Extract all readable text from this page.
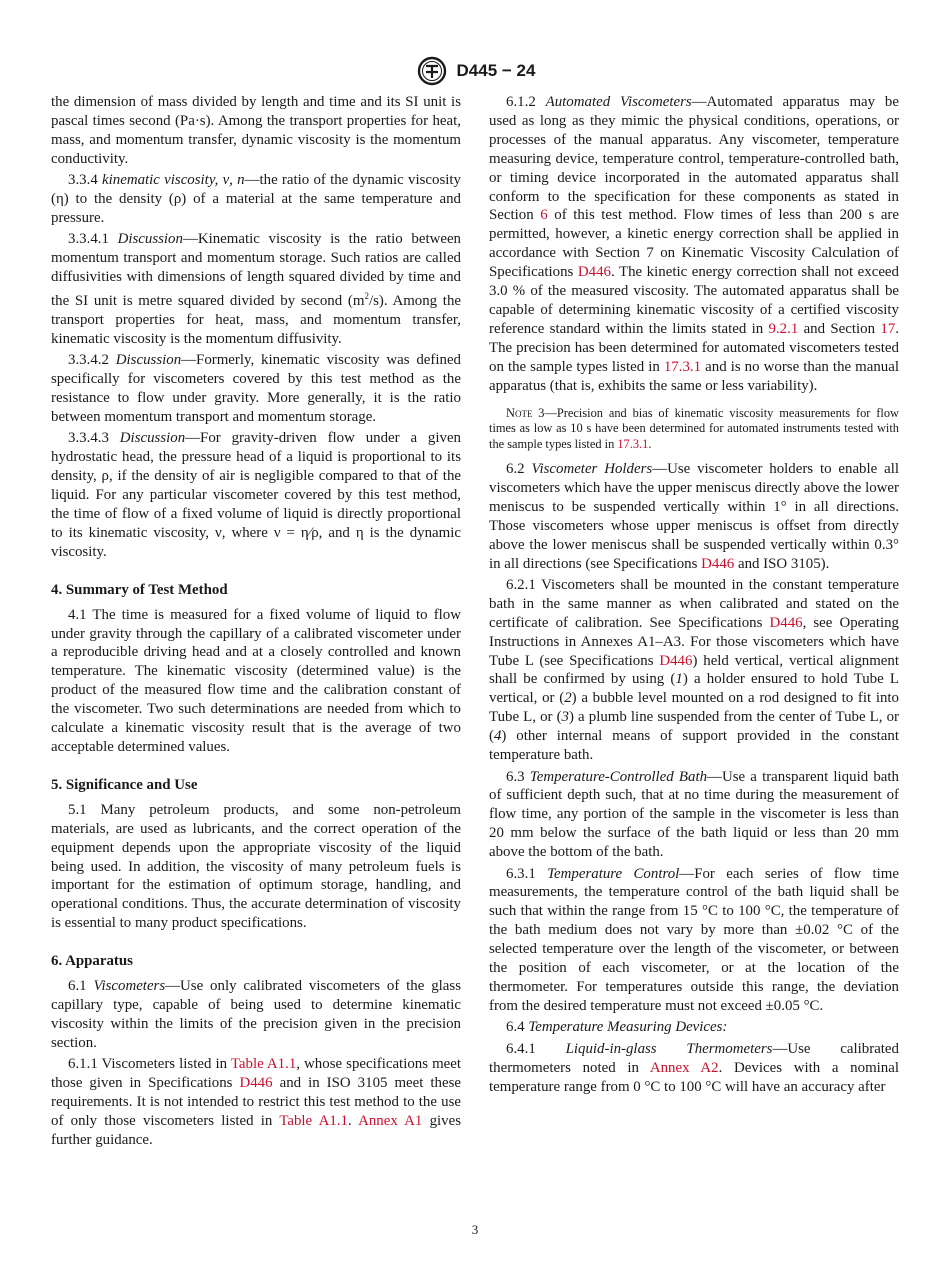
D445 − 24

the dimension of mass divided by length and time and its SI unit is pascal times second (Pa·s). Among the transport properties for heat, mass, and momentum transfer, dynamic viscosity is the momentum conductivity.

3.3.4 kinematic viscosity, ν, n—the ratio of the dynamic viscosity (η) to the density (ρ) of a material at the same temperature and pressure.

3.3.4.1 Discussion—Kinematic viscosity is the ratio between momentum transport and momentum storage. Such ratios are called diffusivities with dimensions of length squared divided by time and the SI unit is metre squared divided by second $(m^2/s)$. Among the transport properties for heat, mass, and momentum transfer, kinematic viscosity is the momentum diffusivity.

3.3.4.2 Discussion—Formerly, kinematic viscosity was defined specifically for viscometers covered by this test method as the resistance to flow under gravity. More generally, it is the ratio between momentum transport and momentum storage.

3.3.4.3 Discussion—For gravity-driven flow under a given hydrostatic head, the pressure head of a liquid is proportional to its density, ρ, if the density of air is negligible compared to that of the liquid. For any particular viscometer covered by this test method, the time of flow of a fixed volume of liquid is directly proportional to its kinematic viscosity, ν, where ν = η⁄ρ, and η is the dynamic viscosity.

4. Summary of Test Method

4.1 The time is measured for a fixed volume of liquid to flow under gravity through the capillary of a calibrated viscometer under a reproducible driving head and at a closely controlled and known temperature. The kinematic viscosity (determined value) is the product of the measured flow time and the calibration constant of the viscometer. Two such determinations are needed from which to calculate a kinematic viscosity result that is the average of two acceptable determined values.

5. Significance and Use

5.1 Many petroleum products, and some non-petroleum materials, are used as lubricants, and the correct operation of the equipment depends upon the appropriate viscosity of the liquid being used. In addition, the viscosity of many petroleum fuels is important for the estimation of optimum storage, handling, and operational conditions. Thus, the accurate determination of viscosity is essential to many product specifications.

6. Apparatus

6.1 Viscometers—Use only calibrated viscometers of the glass capillary type, capable of being used to determine kinematic viscosity within the limits of the precision given in the precision section.

6.1.1 Viscometers listed in Table A1.1, whose specifications meet those given in Specifications D446 and in ISO 3105 meet these requirements. It is not intended to restrict this test method to the use of only those viscometers listed in Table A1.1. Annex A1 gives further guidance.

6.1.2 Automated Viscometers—Automated apparatus may be used as long as they mimic the physical conditions, operations, or processes of the manual apparatus. Any viscometer, temperature measuring device, temperature control, temperature-controlled bath, or timing device incorporated in the automated apparatus shall conform to the specification for these components as stated in Section 6 of this test method. Flow times of less than 200 s are permitted, however, a kinetic energy correction shall be applied in accordance with Section 7 on Kinematic Viscosity Calculation of Specifications D446. The kinetic energy correction shall not exceed 3.0 % of the measured viscosity. The automated apparatus shall be capable of determining kinematic viscosity of a certified viscosity reference standard within the limits stated in 9.2.1 and Section 17. The precision has been determined for automated viscometers tested on the sample types listed in 17.3.1 and is no worse than the manual apparatus (that is, exhibits the same or less variability).

Note 3—Precision and bias of kinematic viscosity measurements for flow times as low as 10 s have been determined for automated instruments tested with the sample types listed in 17.3.1.

6.2 Viscometer Holders—Use viscometer holders to enable all viscometers which have the upper meniscus directly above the lower meniscus to be suspended vertically within 1° in all directions. Those viscometers whose upper meniscus is offset from directly above the lower meniscus shall be suspended vertically within 0.3° in all directions (see Specifications D446 and ISO 3105).

6.2.1 Viscometers shall be mounted in the constant temperature bath in the same manner as when calibrated and stated on the certificate of calibration. See Specifications D446, see Operating Instructions in Annexes A1–A3. For those viscometers which have Tube L (see Specifications D446) held vertical, vertical alignment shall be confirmed by using (1) a holder ensured to hold Tube L vertical, or (2) a bubble level mounted on a rod designed to fit into Tube L, or (3) a plumb line suspended from the center of Tube L, or (4) other internal means of support provided in the constant temperature bath.

6.3 Temperature-Controlled Bath—Use a transparent liquid bath of sufficient depth such, that at no time during the measurement of flow time, any portion of the sample in the viscometer is less than 20 mm below the surface of the bath liquid or less than 20 mm above the bottom of the bath.

6.3.1 Temperature Control—For each series of flow time measurements, the temperature control of the bath liquid shall be such that within the range from 15 °C to 100 °C, the temperature of the bath medium does not vary by more than ±0.02 °C of the selected temperature over the length of the viscometer, or between the position of each viscometer, or at the location of the thermometer. For temperatures outside this range, the deviation from the desired temperature must not exceed ±0.05 °C.

6.4 Temperature Measuring Devices:

6.4.1 Liquid-in-glass Thermometers—Use calibrated thermometers noted in Annex A2. Devices with a nominal temperature range from 0 °C to 100 °C will have an accuracy after

3
